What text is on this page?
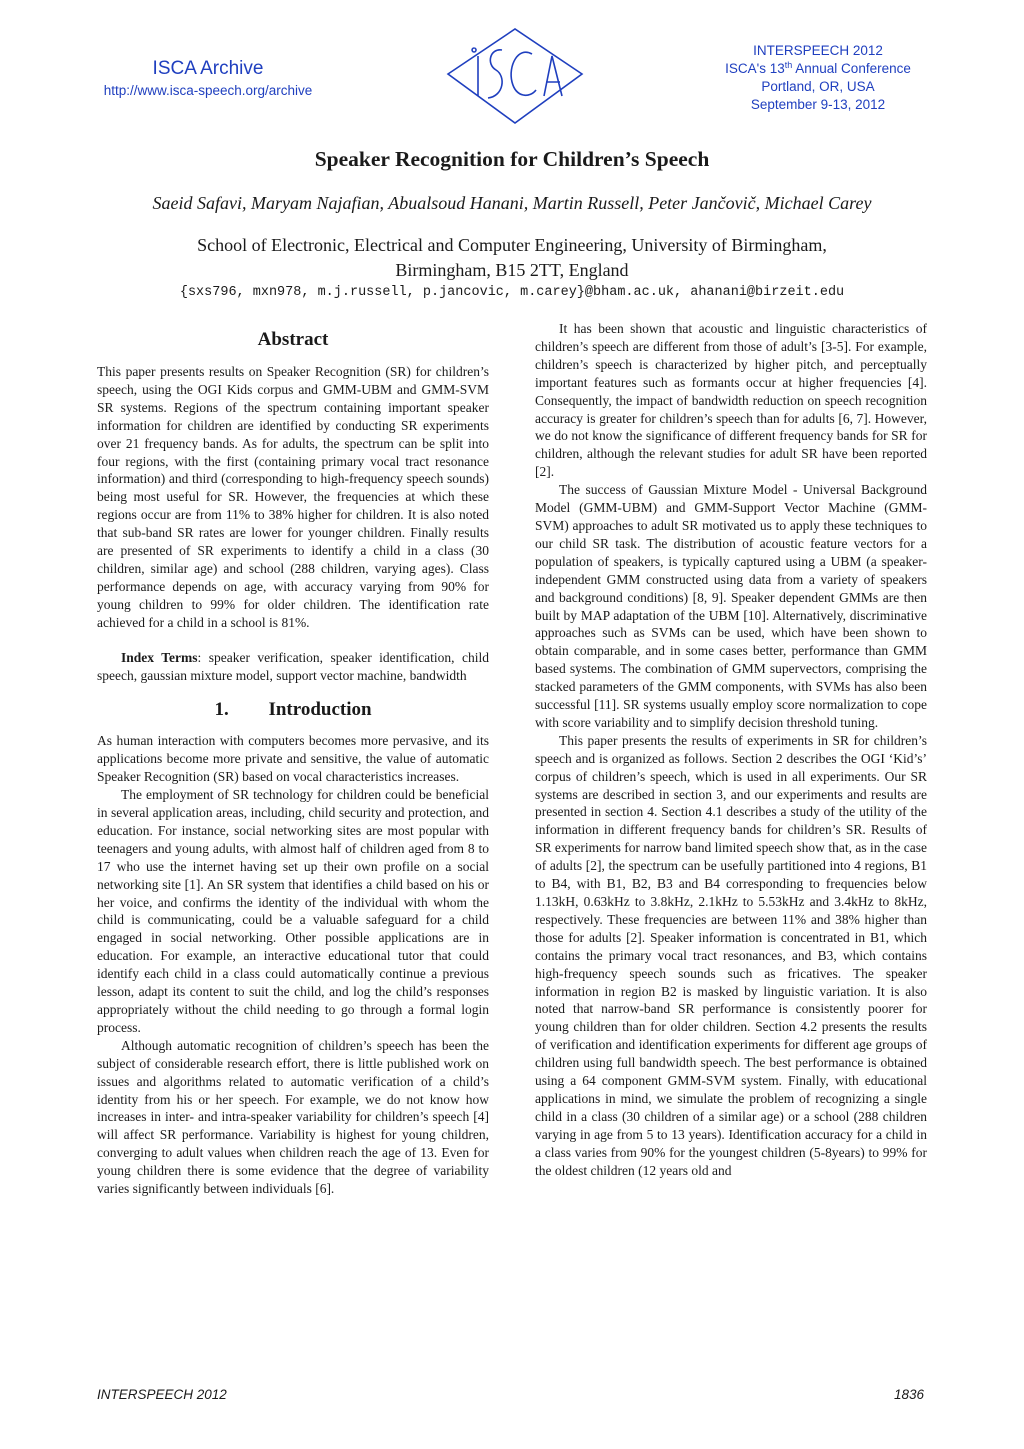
ISCA Archive
http://www.isca-speech.org/archive
INTERSPEECH 2012
ISCA's 13th Annual Conference
Portland, OR, USA
September 9-13, 2012
Speaker Recognition for Children’s Speech
Saeid Safavi, Maryam Najafian, Abualsoud Hanani, Martin Russell, Peter Jančovič, Michael Carey
School of Electronic, Electrical and Computer Engineering, University of Birmingham,
Birmingham, B15 2TT, England
{sxs796, mxn978, m.j.russell, p.jancovic, m.carey}@bham.ac.uk, ahanani@birzeit.edu
Abstract

This paper presents results on Speaker Recognition (SR) for children’s speech, using the OGI Kids corpus and GMM-UBM and GMM-SVM SR systems. Regions of the spectrum containing important speaker information for children are identified by conducting SR experiments over 21 frequency bands. As for adults, the spectrum can be split into four regions, with the first (containing primary vocal tract resonance information) and third (corresponding to high-frequency speech sounds) being most useful for SR. However, the frequencies at which these regions occur are from 11% to 38% higher for children. It is also noted that sub-band SR rates are lower for younger children. Finally results are presented of SR experiments to identify a child in a class (30 children, similar age) and school (288 children, varying ages). Class performance depends on age, with accuracy varying from 90% for young children to 99% for older children. The identification rate achieved for a child in a school is 81%.

Index Terms: speaker verification, speaker identification, child speech, gaussian mixture model, support vector machine, bandwidth

1. Introduction

As human interaction with computers becomes more pervasive, and its applications become more private and sensitive, the value of automatic Speaker Recognition (SR) based on vocal characteristics increases.

The employment of SR technology for children could be beneficial in several application areas, including, child security and protection, and education. For instance, social networking sites are most popular with teenagers and young adults, with almost half of children aged from 8 to 17 who use the internet having set up their own profile on a social networking site [1]. An SR system that identifies a child based on his or her voice, and confirms the identity of the individual with whom the child is communicating, could be a valuable safeguard for a child engaged in social networking. Other possible applications are in education. For example, an interactive educational tutor that could identify each child in a class could automatically continue a previous lesson, adapt its content to suit the child, and log the child’s responses appropriately without the child needing to go through a formal login process.

Although automatic recognition of children’s speech has been the subject of considerable research effort, there is little published work on issues and algorithms related to automatic verification of a child’s identity from his or her speech. For example, we do not know how increases in inter- and intra-speaker variability for children’s speech [4] will affect SR performance. Variability is highest for young children, converging to adult values when children reach the age of 13. Even for young children there is some evidence that the degree of variability varies significantly between individuals [6].

It has been shown that acoustic and linguistic characteristics of children’s speech are different from those of adult’s [3-5]. For example, children’s speech is characterized by higher pitch, and perceptually important features such as formants occur at higher frequencies [4]. Consequently, the impact of bandwidth reduction on speech recognition accuracy is greater for children’s speech than for adults [6, 7]. However, we do not know the significance of different frequency bands for SR for children, although the relevant studies for adult SR have been reported [2].

The success of Gaussian Mixture Model - Universal Background Model (GMM-UBM) and GMM-Support Vector Machine (GMM-SVM) approaches to adult SR motivated us to apply these techniques to our child SR task. The distribution of acoustic feature vectors for a population of speakers, is typically captured using a UBM (a speaker-independent GMM constructed using data from a variety of speakers and background conditions) [8, 9]. Speaker dependent GMMs are then built by MAP adaptation of the UBM [10]. Alternatively, discriminative approaches such as SVMs can be used, which have been shown to obtain comparable, and in some cases better, performance than GMM based systems. The combination of GMM supervectors, comprising the stacked parameters of the GMM components, with SVMs has also been successful [11]. SR systems usually employ score normalization to cope with score variability and to simplify decision threshold tuning.

This paper presents the results of experiments in SR for children’s speech and is organized as follows. Section 2 describes the OGI ‘Kid’s’ corpus of children’s speech, which is used in all experiments. Our SR systems are described in section 3, and our experiments and results are presented in section 4. Section 4.1 describes a study of the utility of the information in different frequency bands for children’s SR. Results of SR experiments for narrow band limited speech show that, as in the case of adults [2], the spectrum can be usefully partitioned into 4 regions, B1 to B4, with B1, B2, B3 and B4 corresponding to frequencies below 1.13kH, 0.63kHz to 3.8kHz, 2.1kHz to 5.53kHz and 3.4kHz to 8kHz, respectively. These frequencies are between 11% and 38% higher than those for adults [2]. Speaker information is concentrated in B1, which contains the primary vocal tract resonances, and B3, which contains high-frequency speech sounds such as fricatives. The speaker information in region B2 is masked by linguistic variation. It is also noted that narrow-band SR performance is consistently poorer for young children than for older children. Section 4.2 presents the results of verification and identification experiments for different age groups of children using full bandwidth speech. The best performance is obtained using a 64 component GMM-SVM system. Finally, with educational applications in mind, we simulate the problem of recognizing a single child in a class (30 children of a similar age) or a school (288 children varying in age from 5 to 13 years). Identification accuracy for a child in a class varies from 90% for the youngest children (5-8years) to 99% for the oldest children (12 years old and

INTERSPEECH 2012	1836
